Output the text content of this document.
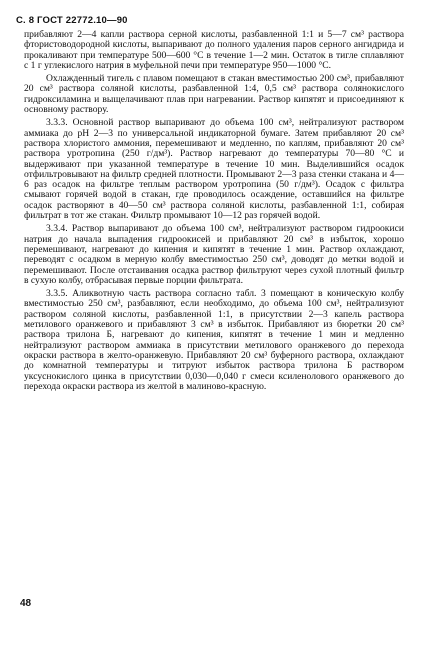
С. 8 ГОСТ 22772.10—90

прибавляют 2—4 капли раствора серной кислоты, разбавленной 1:1 и 5—7 см³ раствора фтористоводородной кислоты, выпаривают до полного удаления паров серного ангидрида и прокаливают при температуре 500—600 °С в течение 1—2 мин. Остаток в тигле сплавляют с 1 г углекислого натрия в муфельной печи при температуре 950—1000 °С.

Охлажденный тигель с плавом помещают в стакан вместимостью 200 см³, прибавляют 20 см³ раствора соляной кислоты, разбавленной 1:4, 0,5 см³ раствора солянокислого гидроксиламина и выщелачивают плав при нагревании. Раствор кипятят и присоединяют к основному раствору.

3.3.3. Основной раствор выпаривают до объема 100 см³, нейтрализуют раствором аммиака до рН 2—3 по универсальной индикаторной бумаге. Затем прибавляют 20 см³ раствора хлористого аммония, перемешивают и медленно, по каплям, прибавляют 20 см³ раствора уротропина (250 г/дм³). Раствор нагревают до температуры 70—80 °С и выдерживают при указанной температуре в течение 10 мин. Выделившийся осадок отфильтровывают на фильтр средней плотности. Промывают 2—3 раза стенки стакана и 4—6 раз осадок на фильтре теплым раствором уротропина (50 г/дм³). Осадок с фильтра смывают горячей водой в стакан, где проводилось осаждение, оставшийся на фильтре осадок растворяют в 40—50 см³ раствора соляной кислоты, разбавленной 1:1, собирая фильтрат в тот же стакан. Фильтр промывают 10—12 раз горячей водой.

3.3.4. Раствор выпаривают до объема 100 см³, нейтрализуют раствором гидроокиси натрия до начала выпадения гидроокисей и прибавляют 20 см³ в избыток, хорошо перемешивают, нагревают до кипения и кипятят в течение 1 мин. Раствор охлаждают, переводят с осадком в мерную колбу вместимостью 250 см³, доводят до метки водой и перемешивают. После отстаивания осадка раствор фильтруют через сухой плотный фильтр в сухую колбу, отбрасывая первые порции фильтрата.

3.3.5. Аликвотную часть раствора согласно табл. 3 помещают в коническую колбу вместимостью 250 см³, разбавляют, если необходимо, до объема 100 см³, нейтрализуют раствором соляной кислоты, разбавленной 1:1, в присутствии 2—3 капель раствора метилового оранжевого и прибавляют 3 см³ в избыток. Прибавляют из бюретки 20 см³ раствора трилона Б, нагревают до кипения, кипятят в течение 1 мин и медленно нейтрализуют раствором аммиака в присутствии метилового оранжевого до перехода окраски раствора в желто-оранжевую. Прибавляют 20 см³ буферного раствора, охлаждают до комнатной температуры и титруют избыток раствора трилона Б раствором уксуснокислого цинка в присутствии 0,030—0,040 г смеси ксиленолового оранжевого до перехода окраски раствора из желтой в малиново-красную.

48
